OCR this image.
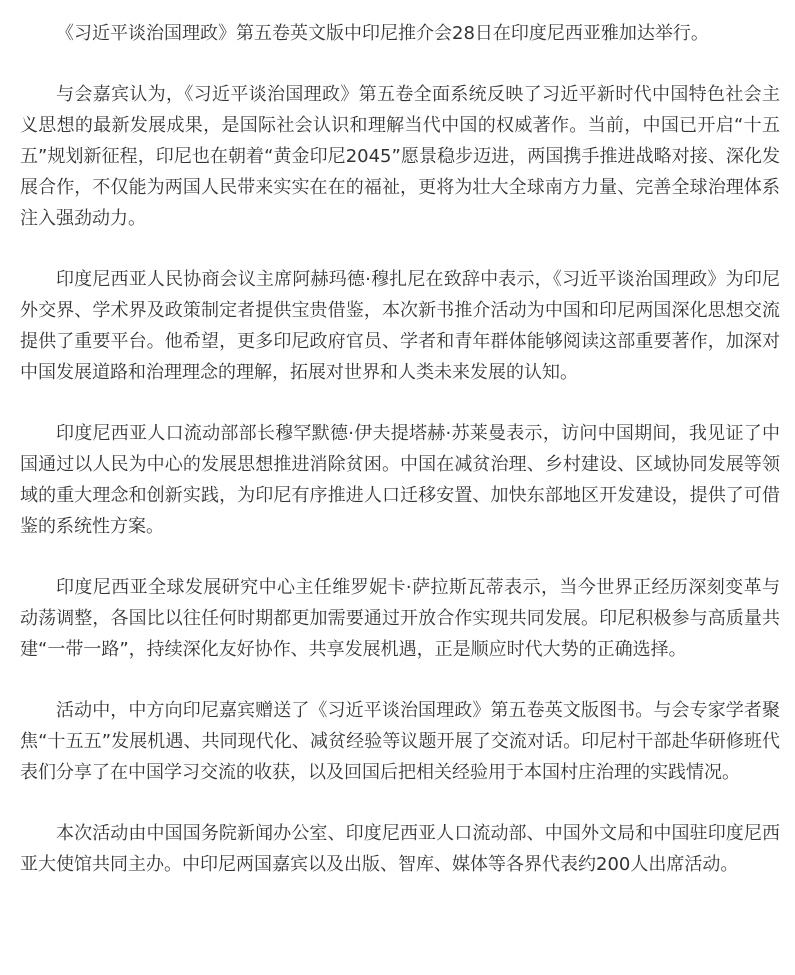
《习近平谈治国理政》第五卷英文版中印尼推介会28日在印度尼西亚雅加达举行。

与会嘉宾认为，《习近平谈治国理政》第五卷全面系统反映了习近平新时代中国特色社会主义思想的最新发展成果，是国际社会认识和理解当代中国的权威著作。当前，中国已开启“十五五”规划新征程，印尼也在朝着“黄金印尼2045”愿景稳步迈进，两国携手推进战略对接、深化发展合作，不仅能为两国人民带来实实在在的福祉，更将为壮大全球南方力量、完善全球治理体系注入强劲动力。

印度尼西亚人民协商会议主席阿赫玛德·穆扎尼在致辞中表示，《习近平谈治国理政》为印尼外交界、学术界及政策制定者提供宝贵借鉴，本次新书推介活动为中国和印尼两国深化思想交流提供了重要平台。他希望，更多印尼政府官员、学者和青年群体能够阅读这部重要著作，加深对中国发展道路和治理理念的理解，拓展对世界和人类未来发展的认知。

印度尼西亚人口流动部部长穆罕默德·伊夫提塔赫·苏莱曼表示，访问中国期间，我见证了中国通过以人民为中心的发展思想推进消除贫困。中国在减贫治理、乡村建设、区域协同发展等领域的重大理念和创新实践，为印尼有序推进人口迁移安置、加快东部地区开发建设，提供了可借鉴的系统性方案。

印度尼西亚全球发展研究中心主任维罗妮卡·萨拉斯瓦蒂表示，当今世界正经历深刻变革与动荡调整，各国比以往任何时期都更加需要通过开放合作实现共同发展。印尼积极参与高质量共建“一带一路”，持续深化友好协作、共享发展机遇，正是顺应时代大势的正确选择。

活动中，中方向印尼嘉宾赠送了《习近平谈治国理政》第五卷英文版图书。与会专家学者聚焦“十五五”发展机遇、共同现代化、减贫经验等议题开展了交流对话。印尼村干部赴华研修班代表们分享了在中国学习交流的收获，以及回国后把相关经验用于本国村庄治理的实践情况。

本次活动由中国国务院新闻办公室、印度尼西亚人口流动部、中国外文局和中国驻印度尼西亚大使馆共同主办。中印尼两国嘉宾以及出版、智库、媒体等各界代表约200人出席活动。
